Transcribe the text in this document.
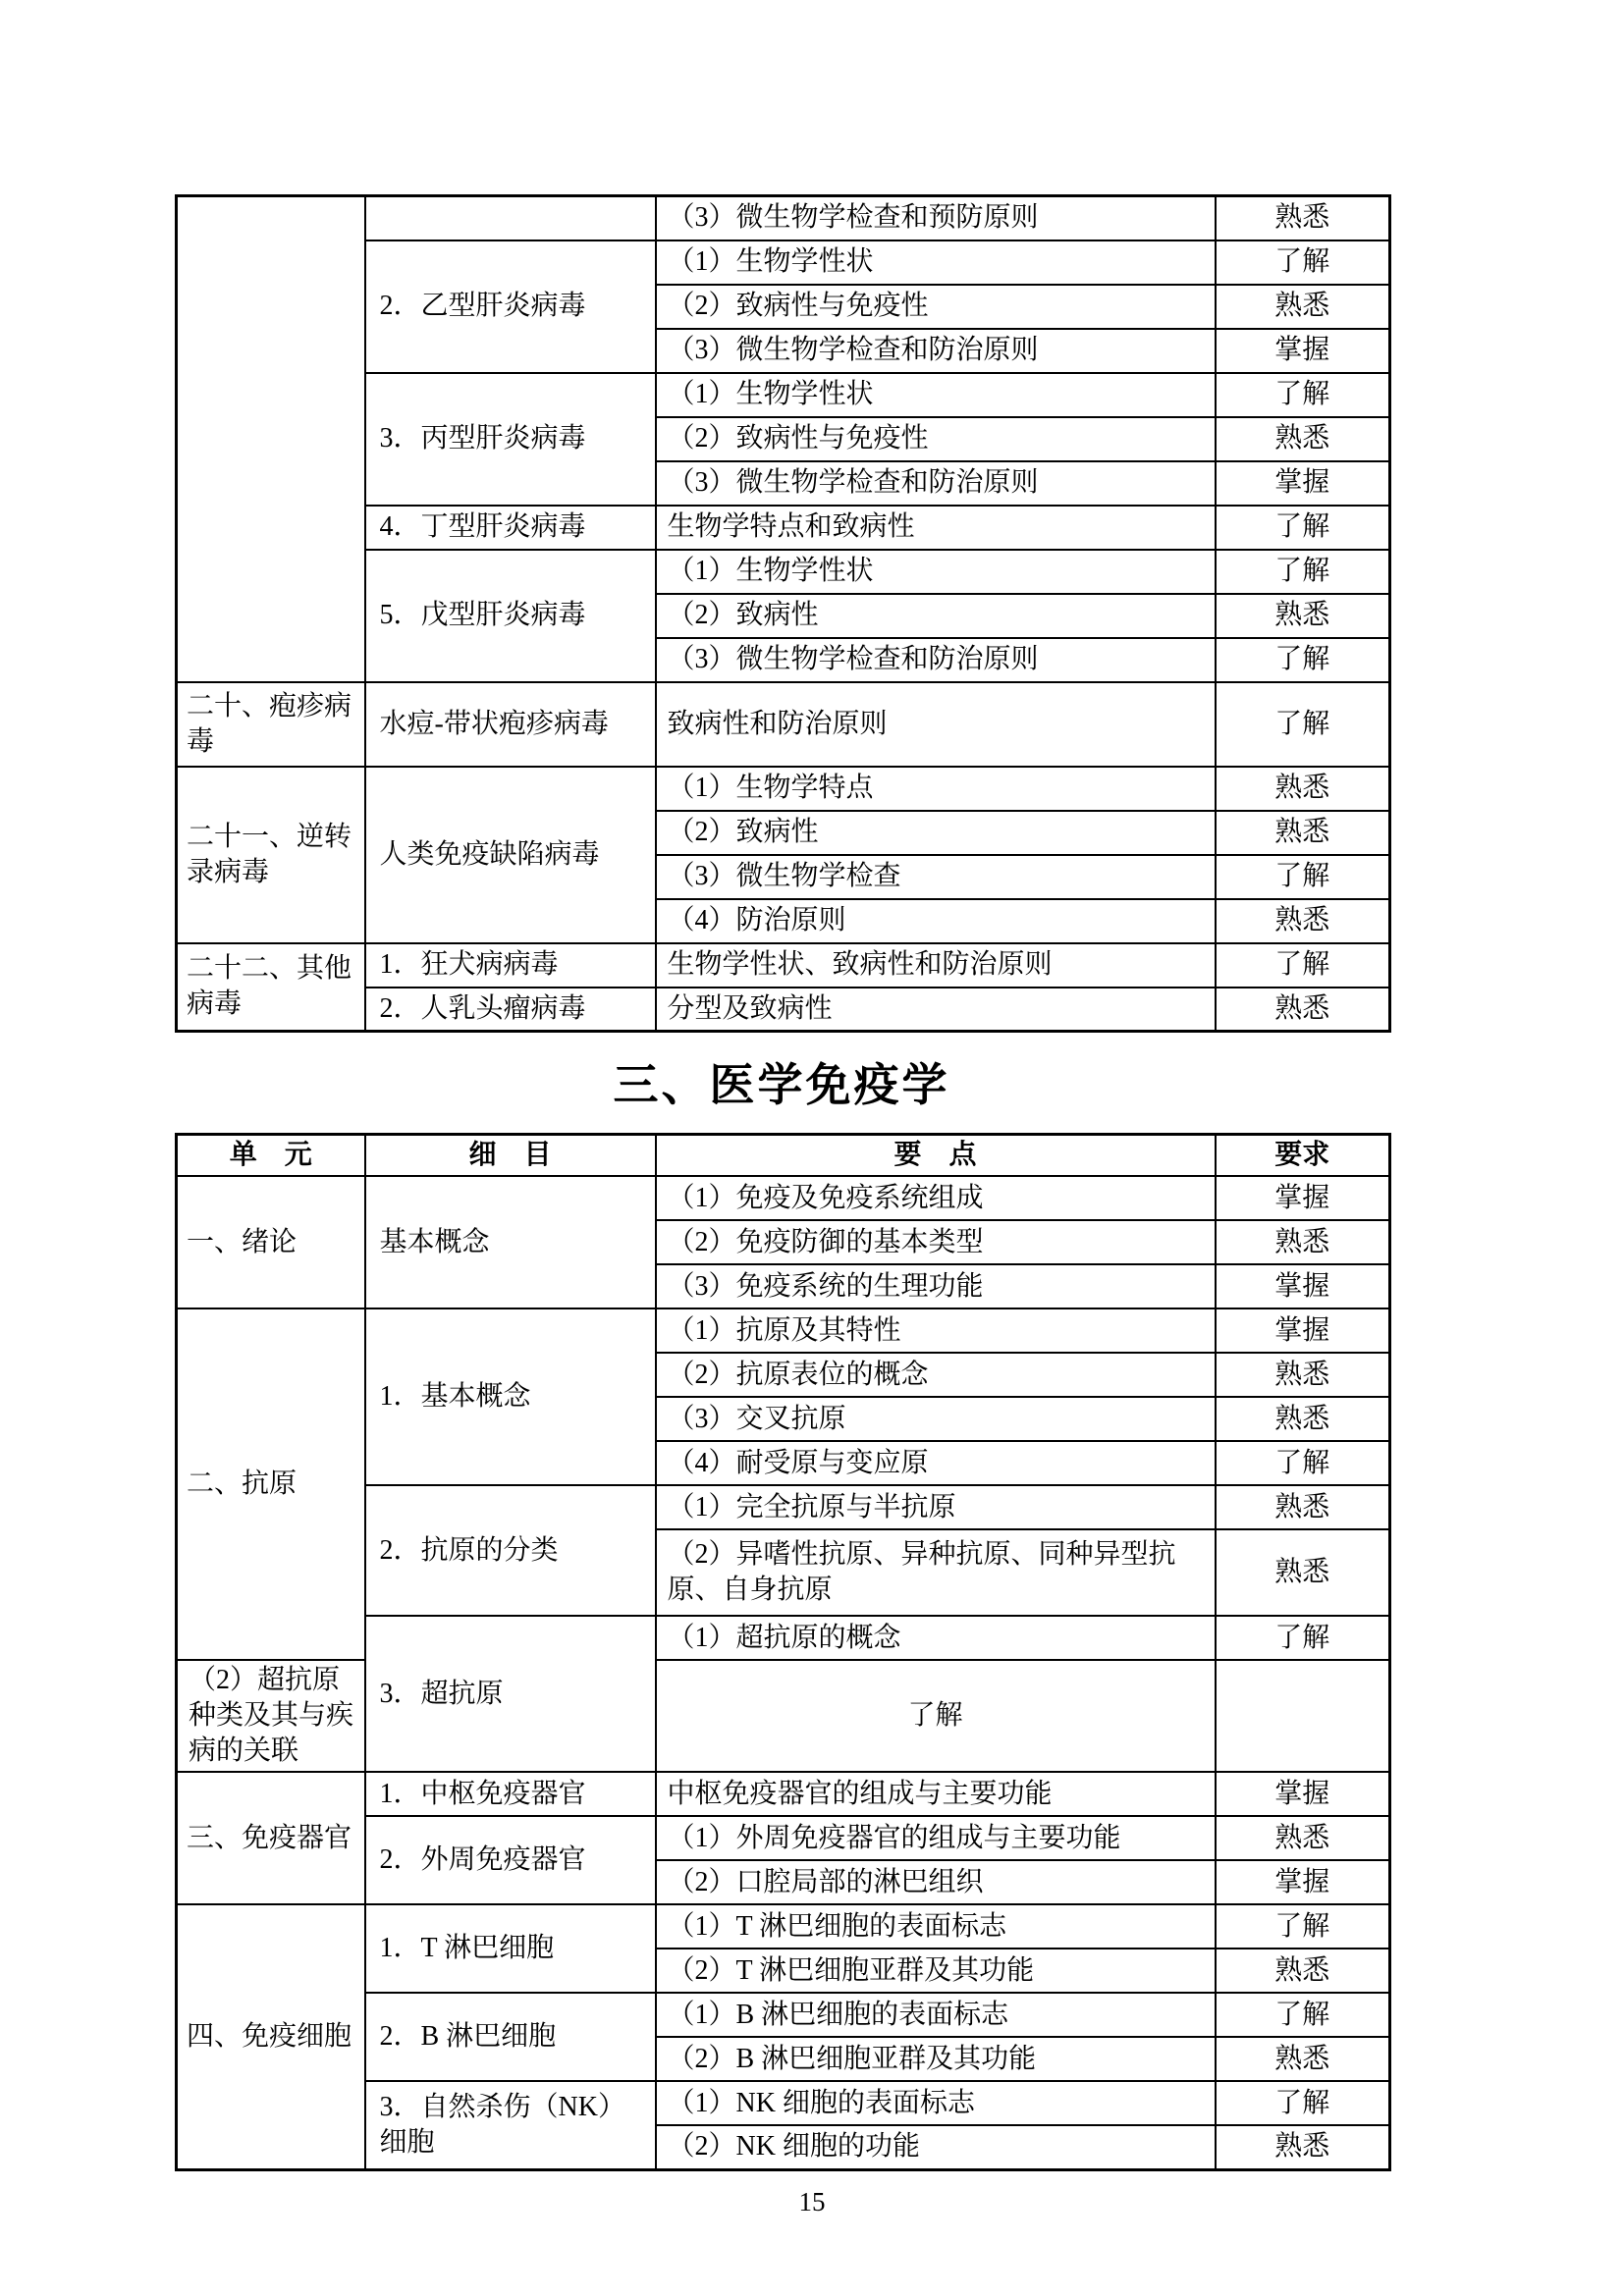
		（3）微生物学检查和预防原则	熟悉
	2．乙型肝炎病毒	（1）生物学性状	了解
		（2）致病性与免疫性	熟悉
		（3）微生物学检查和防治原则	掌握
	3．丙型肝炎病毒	（1）生物学性状	了解
		（2）致病性与免疫性	熟悉
		（3）微生物学检查和防治原则	掌握
	4．丁型肝炎病毒	生物学特点和致病性	了解
	5．戊型肝炎病毒	（1）生物学性状	了解
		（2）致病性	熟悉
		（3）微生物学检查和防治原则	了解
二十、疱疹病毒	水痘-带状疱疹病毒	致病性和防治原则	了解
二十一、逆转录病毒	人类免疫缺陷病毒	（1）生物学特点	熟悉
		（2）致病性	熟悉
		（3）微生物学检查	了解
		（4）防治原则	熟悉
二十二、其他病毒	1．狂犬病病毒	生物学性状、致病性和防治原则	了解
	2．人乳头瘤病毒	分型及致病性	熟悉
三、医学免疫学
单　元	细　目	要　点	要求
一、绪论	基本概念	（1）免疫及免疫系统组成	掌握
		（2）免疫防御的基本类型	熟悉
		（3）免疫系统的生理功能	掌握
二、抗原	1．基本概念	（1）抗原及其特性	掌握
		（2）抗原表位的概念	熟悉
		（3）交叉抗原	熟悉
		（4）耐受原与变应原	了解
	2．抗原的分类	（1）完全抗原与半抗原	熟悉
		（2）异嗜性抗原、异种抗原、同种异型抗原、自身抗原	熟悉
	3．超抗原	（1）超抗原的概念	了解
（2）超抗原种类及其与疾病的关联		了解	
三、免疫器官	1．中枢免疫器官	中枢免疫器官的组成与主要功能	掌握
	2．外周免疫器官	（1）外周免疫器官的组成与主要功能	熟悉
		（2）口腔局部的淋巴组织	掌握
四、免疫细胞	1．T 淋巴细胞	（1）T 淋巴细胞的表面标志	了解
		（2）T 淋巴细胞亚群及其功能	熟悉
	2．B 淋巴细胞	（1）B 淋巴细胞的表面标志	了解
		（2）B 淋巴细胞亚群及其功能	熟悉
	3．自然杀伤（NK）细胞	（1）NK 细胞的表面标志	了解
		（2）NK 细胞的功能	熟悉
15
